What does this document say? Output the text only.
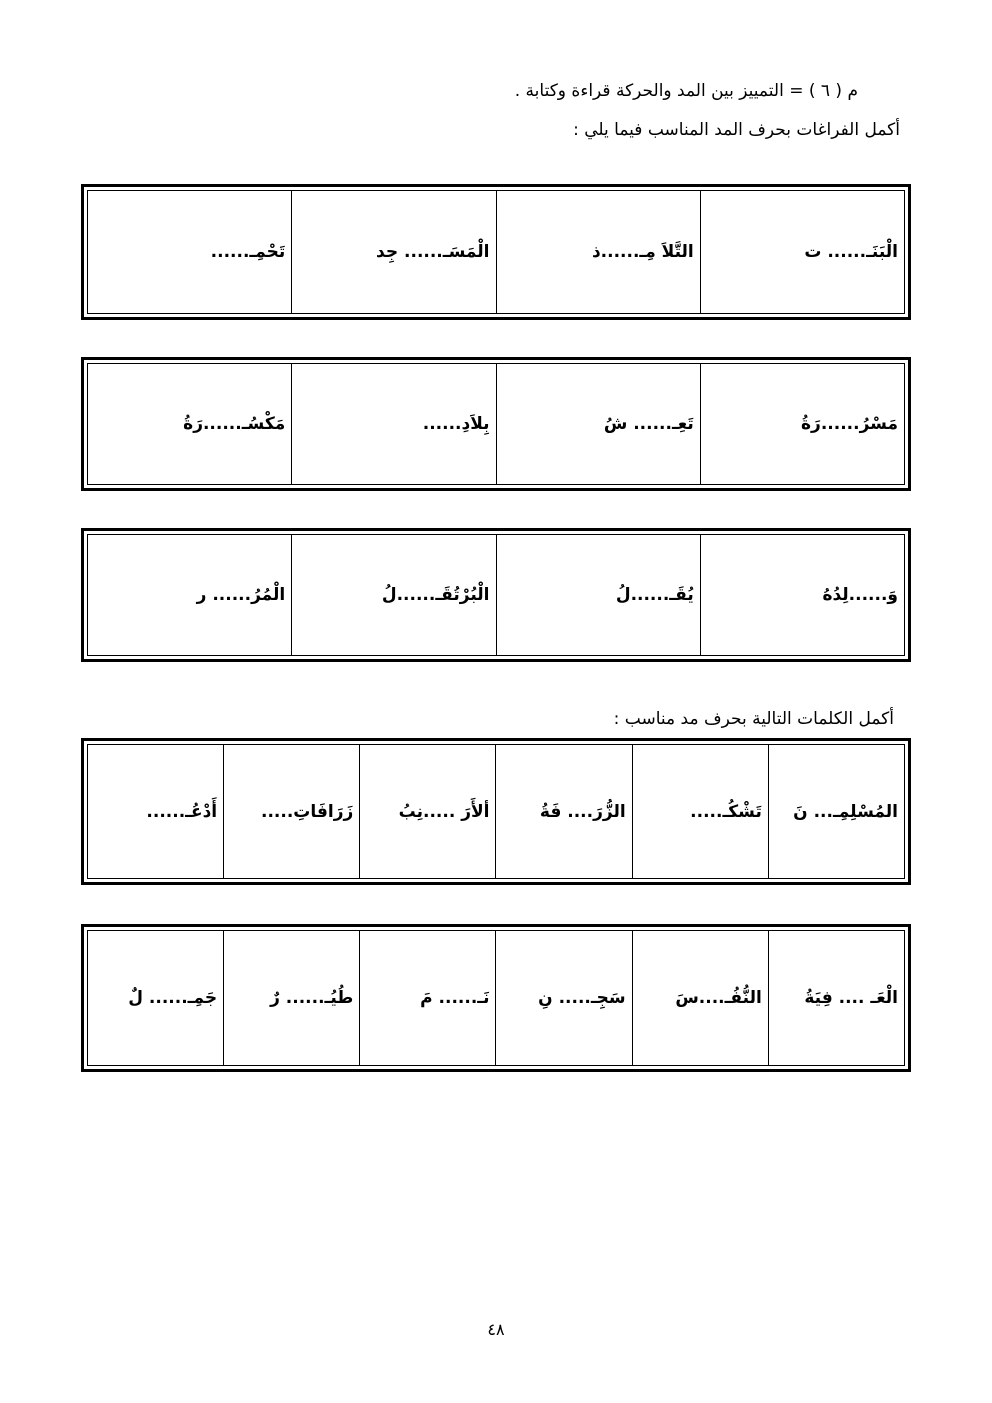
م ( ٦ ) = التمييز بين المد والحركة قراءة وكتابة .
أكمل الفراغات بحرف المد المناسب فيما يلي :
الْبَنَـ...... ت
التَّلاَ مِـ......ذ
الْمَسَـ...... جِد
تَحْمِـ......
مَسْرُ......رَةُ
تَعِـ...... شُ
بِلاَدِ......
مَكْسُـ......رَةُ
وَ......لِدُهُ
يُقَـ......لُ
الْبُرْتُقَـ......لُ
الْمُرُ...... ر
أكمل الكلمات التالية بحرف مد مناسب :
المُسْلِمِـ... نَ
تَشْكُـ.....
الزُّرَ.... فَةُ
ألأَرَ .....نِبُ
زَرَافَاتِ.....
أَدْعُـ......
الْعَـ .... فِيَةُ
النُّفُـ....سَ
سَجِـ..... نِ
نَـ...... مَ
طُيُـ...... رٌ
جَمِـ...... لٌ
٤٨
